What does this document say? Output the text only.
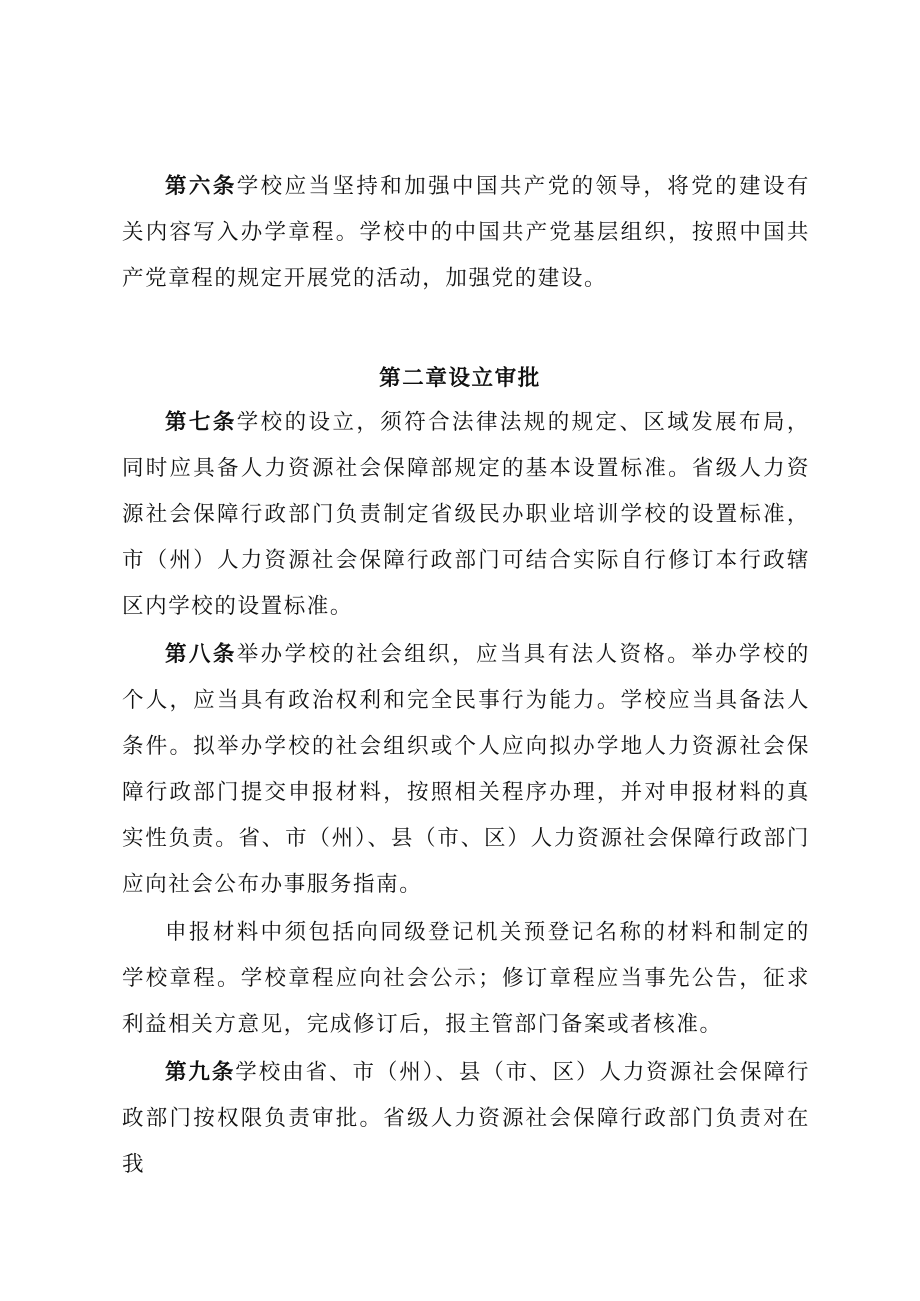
第六条学校应当坚持和加强中国共产党的领导，将党的建设有关内容写入办学章程。学校中的中国共产党基层组织，按照中国共产党章程的规定开展党的活动，加强党的建设。

第二章设立审批

第七条学校的设立，须符合法律法规的规定、区域发展布局，同时应具备人力资源社会保障部规定的基本设置标准。省级人力资源社会保障行政部门负责制定省级民办职业培训学校的设置标准，市（州）人力资源社会保障行政部门可结合实际自行修订本行政辖区内学校的设置标准。

第八条举办学校的社会组织，应当具有法人资格。举办学校的个人，应当具有政治权利和完全民事行为能力。学校应当具备法人条件。拟举办学校的社会组织或个人应向拟办学地人力资源社会保障行政部门提交申报材料，按照相关程序办理，并对申报材料的真实性负责。省、市（州）、县（市、区）人力资源社会保障行政部门应向社会公布办事服务指南。

申报材料中须包括向同级登记机关预登记名称的材料和制定的学校章程。学校章程应向社会公示；修订章程应当事先公告，征求利益相关方意见，完成修订后，报主管部门备案或者核准。

第九条学校由省、市（州）、县（市、区）人力资源社会保障行政部门按权限负责审批。省级人力资源社会保障行政部门负责对在我
